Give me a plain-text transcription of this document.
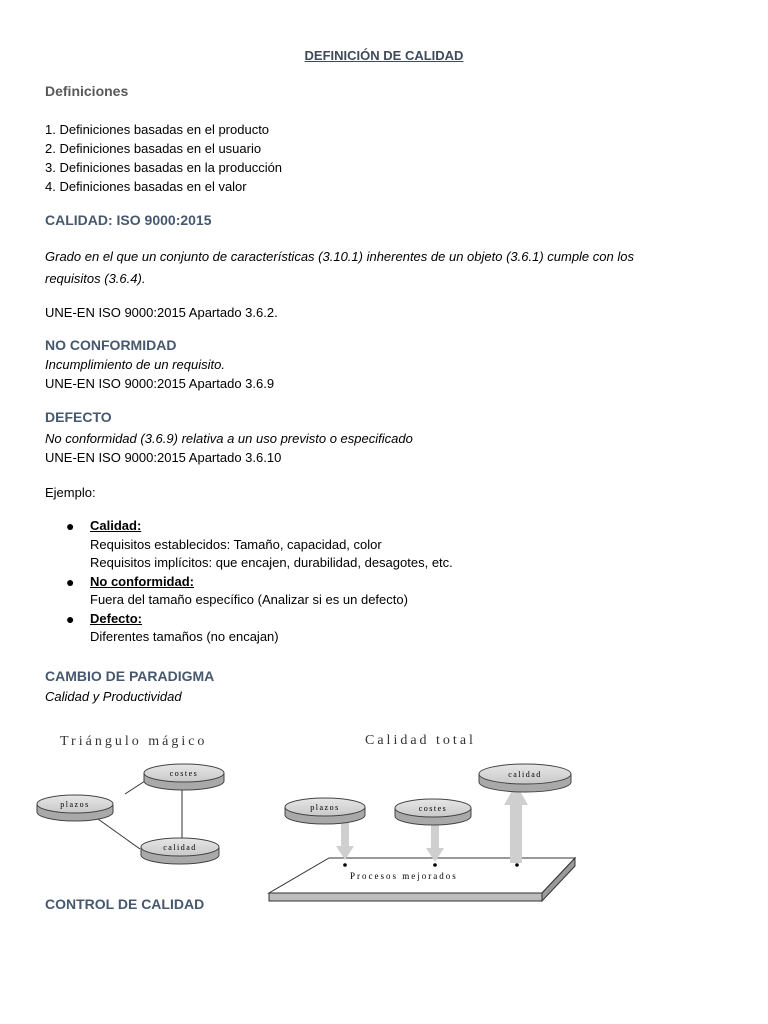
DEFINICIÓN DE CALIDAD
Definiciones
1. Definiciones basadas en el producto
2. Definiciones basadas en el usuario
3. Definiciones basadas en la producción
4. Definiciones basadas en el valor
CALIDAD: ISO 9000:2015
Grado en el que un conjunto de características (3.10.1) inherentes de un objeto (3.6.1) cumple con los
requisitos (3.6.4).
UNE-EN ISO 9000:2015 Apartado 3.6.2.
NO CONFORMIDAD
Incumplimiento de un requisito.
UNE-EN ISO 9000:2015 Apartado 3.6.9
DEFECTO
No conformidad (3.6.9) relativa a un uso previsto o especificado
UNE-EN ISO 9000:2015 Apartado 3.6.10
Ejemplo:
● Calidad:
Requisitos establecidos: Tamaño, capacidad, color
Requisitos implícitos: que encajen, durabilidad, desagotes, etc.
● No conformidad:
Fuera del tamaño específico (Analizar si es un defecto)
● Defecto:
Diferentes tamaños (no encajan)
CAMBIO DE PARADIGMA
Calidad y Productividad
Triángulo mágico
costes
plazos
calidad
Calidad total
Procesos mejorados
plazos	costes
calidad
CONTROL DE CALIDAD
